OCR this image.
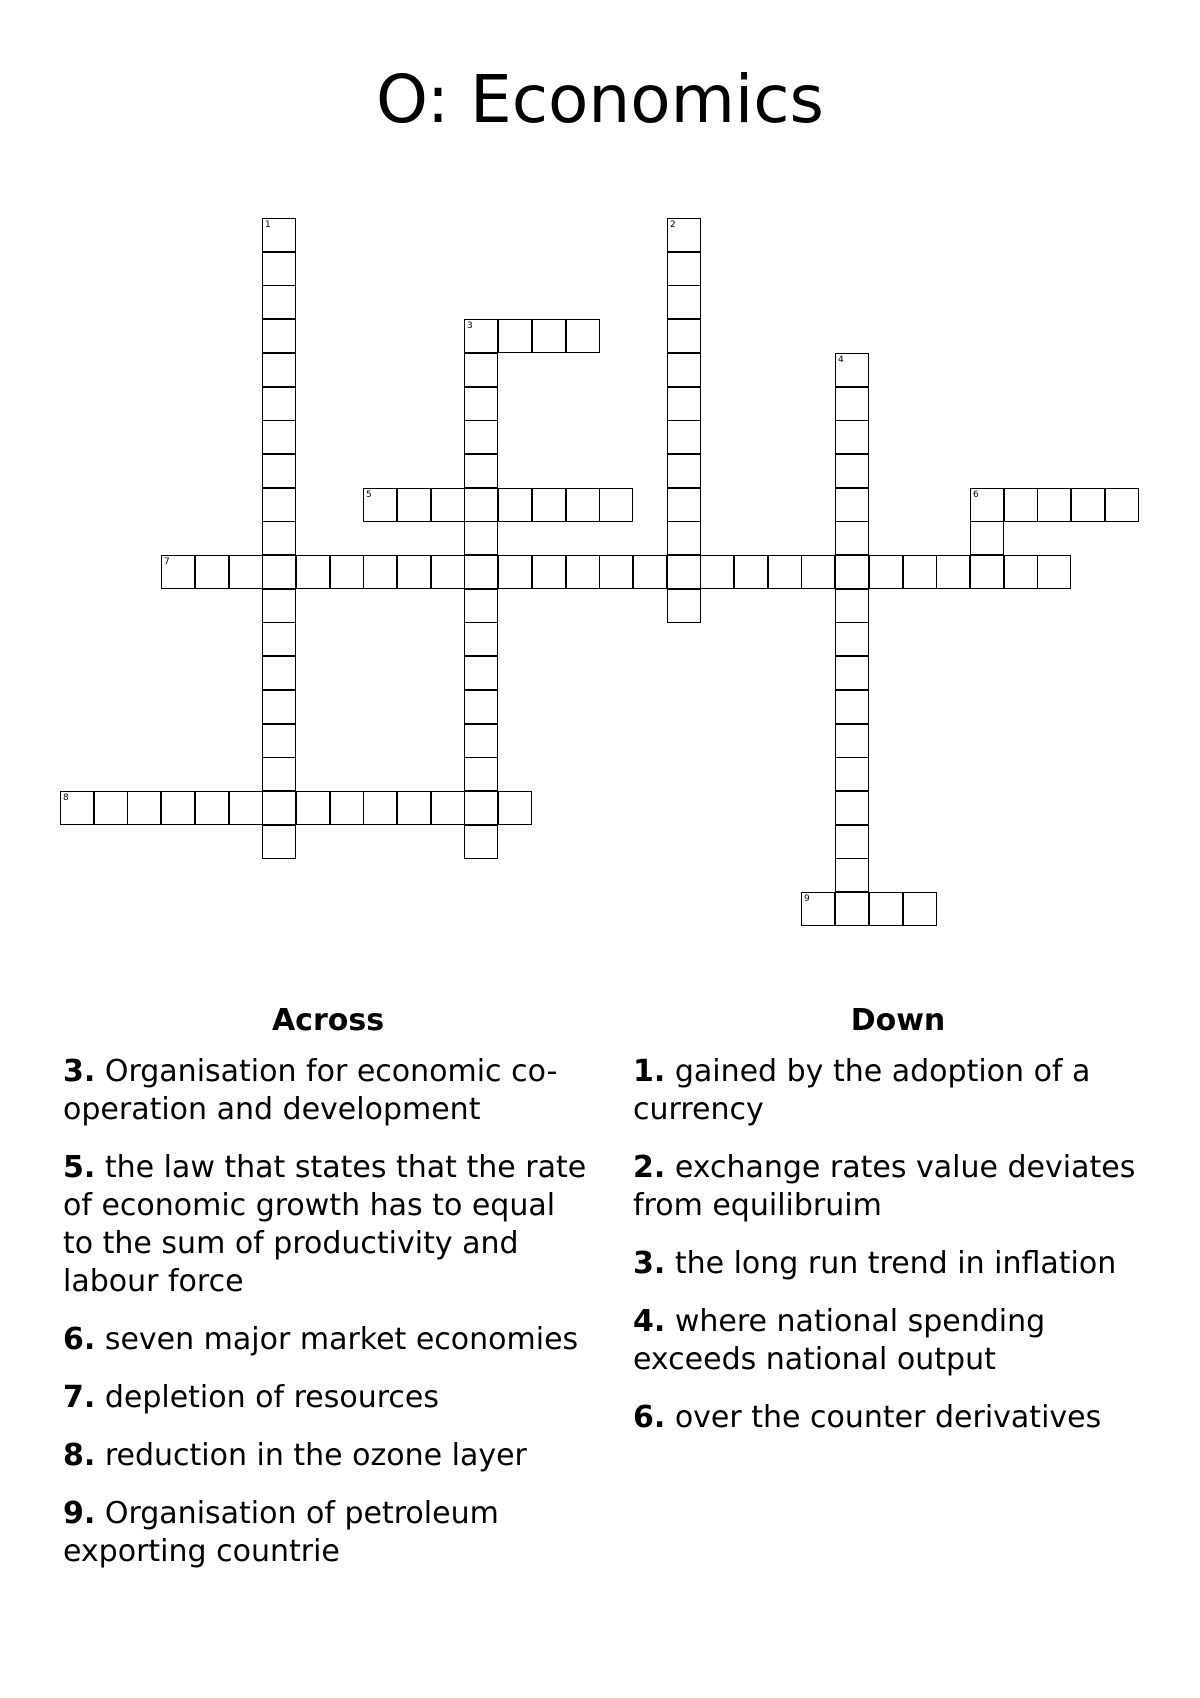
O: Economics
1	2
3
4
5	6
7
8
9
Across

3. Organisation for economic co-operation and development

5. the law that states that the rate of economic growth has to equal to the sum of productivity and labour force

6. seven major market economies

7. depletion of resources

8. reduction in the ozone layer

9. Organisation of petroleum exporting countrie

Down

1. gained by the adoption of a currency

2. exchange rates value deviates from equilibruim

3. the long run trend in inflation

4. where national spending exceeds national output

6. over the counter derivatives
